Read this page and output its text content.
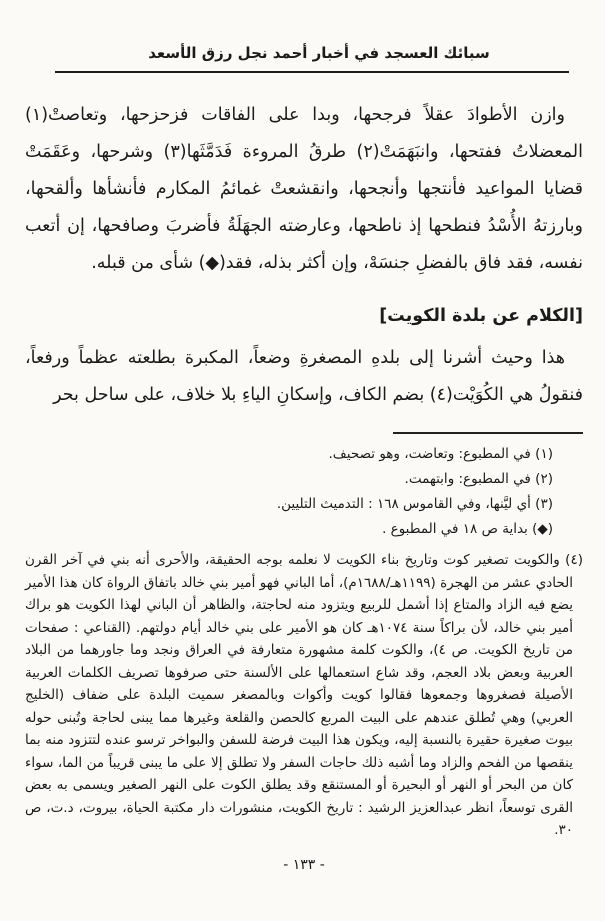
سبائك العسجد في أخبار أحمد نجل رزق الأسعد

وازن الأطوادَ عقلاً فرجحها، وبدا على الفاقات فزحزحها، وتعاصتْ(١) المعضلاتُ ففتحها، وانبَهَمَتْ(٢) طرقُ المروءة فَدَمَّثَها(٣) وشرحها، وعَقَمَتْ قضايا المواعيد فأنتجها وأنجحها، وانقشعتْ غمائمُ المكارم فأنشأها وألقحها، وبارزتهُ الأُسْدُ فنطحها إذ ناطحها، وعارضته الجهَلَةُ فأضربَ وصافحها، إن أتعب نفسه، فقد فاق بالفضلِ جنسَهْ، وإن أكثر بذله، فقد(◆) شأى من قبله.

[الكلام عن بلدة الكويت]

هذا وحيث أشرنا إلى بلدهِ المصغرةِ وضعاً، المكبرة بطلعته عظماً ورفعاً، فنقولُ هي الكُوَيْت(٤) بضم الكاف، وإسكانِ الياءِ بلا خلاف، على ساحل بحر

(١) في المطبوع: وتعاضت، وهو تصحيف.
(٢) في المطبوع: وابتهمت.
(٣) أي ليَّنها، وفي القاموس ١٦٨ : التدميث التليين.
(◆) بداية ص ١٨ في المطبوع .

(٤) والكويت تصغير كوت وتاريخ بناء الكويت لا نعلمه بوجه الحقيقة، والأحرى أنه بني في آخر القرن الحادي عشر من الهجرة (١١٩٩هـ/١٦٨٨م)، أما الباني فهو أمير بني خالد باتفاق الرواة كان هذا الأمير يضع فيه الزاد والمتاع إذا أشمل للربيع ويتزود منه لحاجتة، والظاهر أن الباني لهذا الكويت هو براك أمير بني خالد، لأن براكاً سنة ١٠٧٤هـ كان هو الأمير على بني خالد أيام دولتهم. (القناعي : صفحات من تاريخ الكويت. ص ٤)، والكوت كلمة مشهورة متعارفة في العراق ونجد وما جاورهما من البلاد العربية وبعض بلاد العجم، وقد شاع استعمالها على الألسنة حتى صرفوها تصريف الكلمات العربية الأصيلة فصغروها وجمعوها فقالوا كويت وأكوات وبالمصغر سميت البلدة على ضفاف (الخليج العربي) وهي تُطلق عندهم على البيت المربع كالحصن والقلعة وغيرها مما يبنى لحاجة وتُبنى حوله بيوت صغيرة حقيرة بالنسبة إليه، ويكون هذا البيت فرضة للسفن والبواخر ترسو عنده لتتزود منه بما ينقصها من الفحم والزاد وما أشبه ذلك حاجات السفر ولا تطلق إلا على ما يبنى قريباً من الما، سواء كان من البحر أو النهر أو البحيرة أو المستنقع وقد يطلق الكوت على النهر الصغير ويسمى به بعض القرى توسعاً، انظر عبدالعزيز الرشيد : تاريخ الكويت، منشورات دار مكتبة الحياة، بيروت، د.ت، ص ٣٠.

- ١٣٣ -
